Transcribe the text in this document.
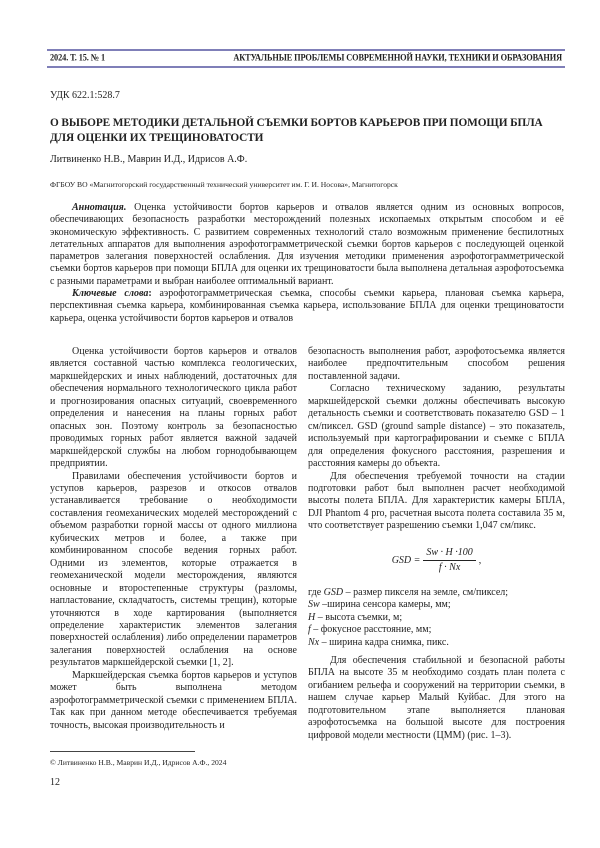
2024. Т. 15. № 1	АКТУАЛЬНЫЕ ПРОБЛЕМЫ СОВРЕМЕННОЙ НАУКИ, ТЕХНИКИ И ОБРАЗОВАНИЯ
УДК 622.1:528.7
О ВЫБОРЕ МЕТОДИКИ ДЕТАЛЬНОЙ СЪЕМКИ БОРТОВ КАРЬЕРОВ ПРИ ПОМОЩИ БПЛА ДЛЯ ОЦЕНКИ ИХ ТРЕЩИНОВАТОСТИ
Литвиненко Н.В., Маврин И.Д., Идрисов А.Ф.
ФГБОУ ВО «Магнитогорский государственный технический университет им. Г. И. Носова», Магнитогорск

Аннотация. Оценка устойчивости бортов карьеров и отвалов является одним из основных вопросов, обеспечивающих безопасность разработки месторождений полезных ископаемых открытым способом и её экономическую эффективность. С развитием современных технологий стало возможным применение беспилотных летательных аппаратов для выполнения аэрофотограмметрической съемки бортов карьеров с последующей оценкой параметров залегания поверхностей ослабления. Для изучения методики применения аэрофотограмметрической съемки бортов карьеров при помощи БПЛА для оценки их трещиноватости была выполнена детальная аэрофотосъемка с разными параметрами и выбран наиболее оптимальный вариант.

Ключевые слова: аэрофотограмметрическая съемка, способы съемки карьера, плановая съемка карьера, перспективная съемка карьера, комбинированная съемка карьера, использование БПЛА для оценки трещиноватости карьера, оценка устойчивости бортов карьеров и отвалов

Оценка устойчивости бортов карьеров и отвалов является составной частью комплекса геологических, маркшейдерских и иных наблюдений, достаточных для обеспечения нормального технологического цикла работ и прогнозирования опасных ситуаций, своевременного определения и нанесения на планы горных работ опасных зон. Поэтому контроль за безопасностью проводимых горных работ является важной задачей маркшейдерской службы на любом горнодобывающем предприятии.

Правилами обеспечения устойчивости бортов и уступов карьеров, разрезов и откосов отвалов устанавливается требование о необходимости составления геомеханических моделей месторождений с объемом разработки горной массы от одного миллиона кубических метров и более, а также при комбинированном способе ведения горных работ. Одними из элементов, которые отражается в геомеханической модели месторождения, являются основные и второстепенные структуры (разломы, напластование, складчатость, системы трещин), которые уточняются в ходе картирования (выполняется определение характеристик элементов залегания поверхностей ослабления) либо определении параметров залегания поверхностей ослабления на основе результатов маркшейдерской съемки [1, 2].

Маркшейдерская съемка бортов карьеров и уступов может быть выполнена методом аэрофотограмметрической съемки с применением БПЛА. Так как при данном методе обеспечивается требуемая точность, высокая производительность и

безопасность выполнения работ, аэрофотосъемка является наиболее предпочтительным способом решения поставленной задачи.

Согласно техническому заданию, результаты маркшейдерской съемки должны обеспечивать высокую детальность съемки и соответствовать показателю GSD – 1 см/пиксел. GSD (ground sample distance) – это показатель, используемый при картографировании и съемке с БПЛА для определения фокусного расстояния, разрешения и расстояния камеры до объекта.

Для обеспечения требуемой точности на стадии подготовки работ был выполнен расчет необходимой высоты полета БПЛА. Для характеристик камеры БПЛА, DJI Phantom 4 pro, расчетная высота полета составила 35 м, что соответствует разрешению съемки 1,047 см/пикс.

GSD =
Sw · H ·100
f · Nx
,
где GSD – размер пикселя на земле, см/пиксел;
Sw –ширина сенсора камеры, мм;
H – высота съемки, м;
f – фокусное расстояние, мм;
Nx – ширина кадра снимка, пикс.

Для обеспечения стабильной и безопасной работы БПЛА на высоте 35 м необходимо создать план полета с огибанием рельефа и сооружений на территории съемки, в нашем случае карьер Малый Куйбас. Для этого на подготовительном этапе выполняется плановая аэрофотосъемка на большой высоте для построения цифровой модели местности (ЦММ) (рис. 1–3).

© Литвиненко Н.В., Маврин И.Д., Идрисов А.Ф., 2024
12
